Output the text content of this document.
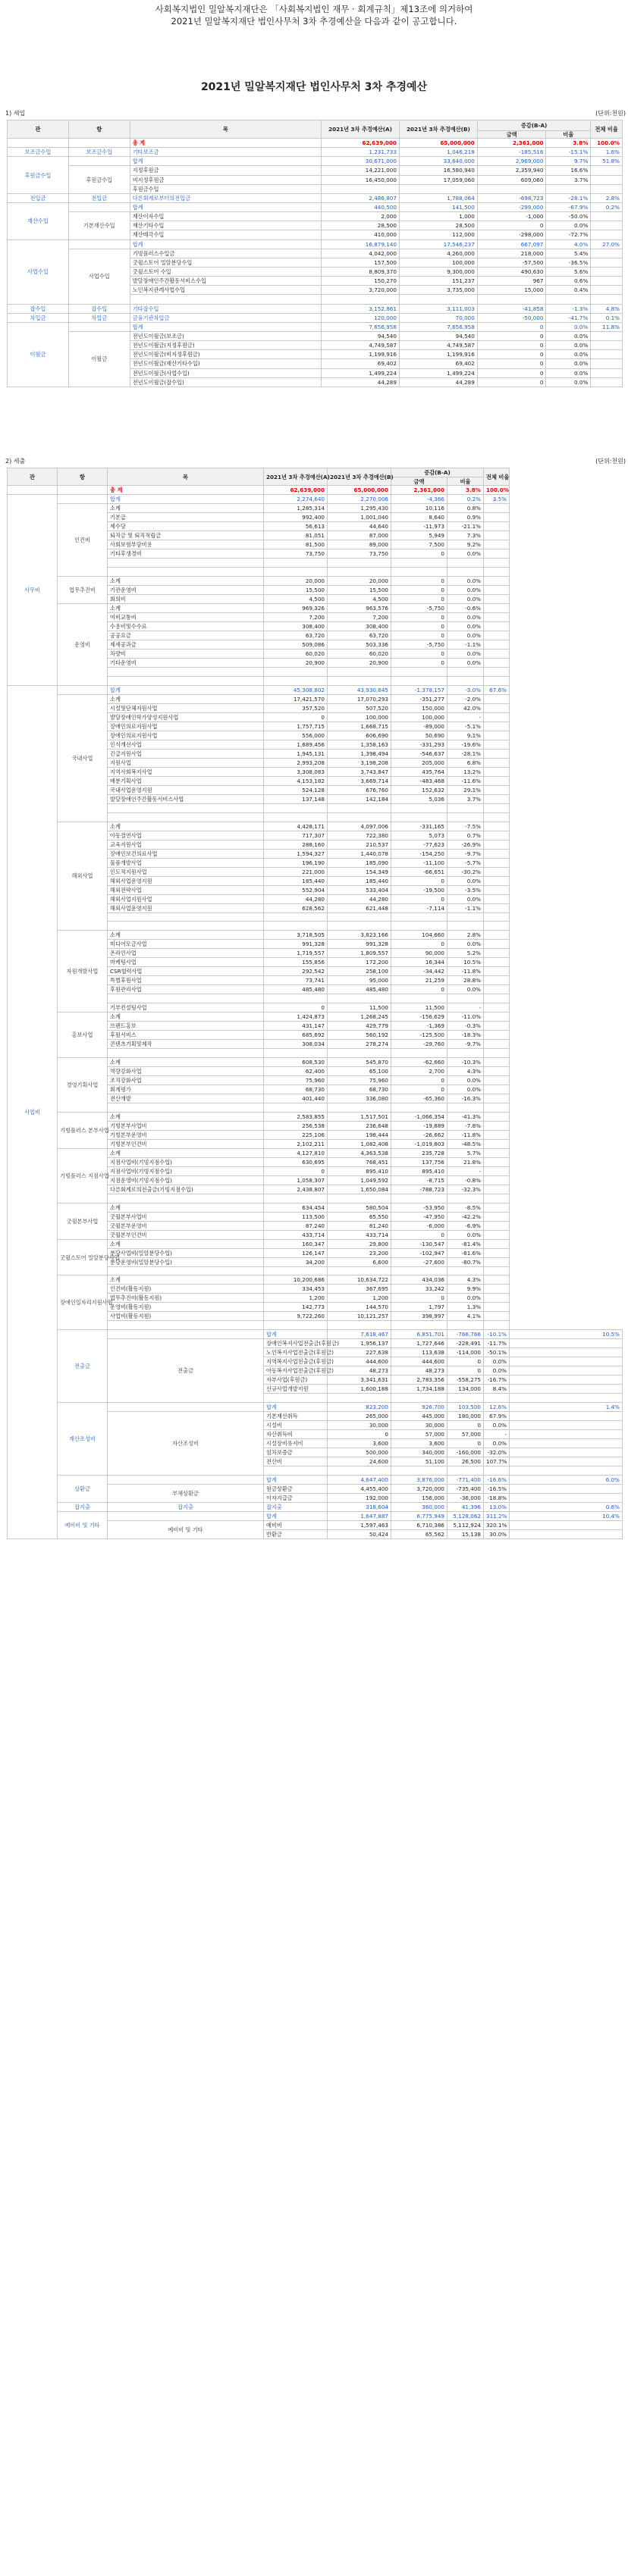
사회복지법인 밀알복지재단은 「사회복지법인 재무 · 회계규칙」제13조에 의거하여
2021년 밀알복지재단 법인사무처 3차 추경예산을 다음과 같이 공고합니다.
2021년 밀알복지재단 법인사무처 3차 추경예산
1) 세입	(단위:천원)
관	항	목	2021년 3차 추경예산(A)	2021년 3차 추경예산(B)	증감(B-A)		전체 비율
					금액	비율	
		총 계	62,639,000	65,000,000	2,361,000	3.8%	100.0%
보조금수입	보조금수입	기타보조금	1,231,733	1,046,218	-185,516	-15.1%	1.6%
후원금수입		합계	30,671,000	33,640,000	2,969,000	9.7%	51.8%
	후원금수입	지정후원금	14,221,000	16,580,940	2,359,940	16.6%	
		비지정후원금	16,450,000	17,059,060	609,060	3.7%	
		후원금수입					
전입금	전입금	다른회계로부터의전입금	2,486,807	1,788,064	-698,723	-28.1%	2.8%
재산수입		합계	440,500	141,500	-299,000	-67.9%	0.2%
	기본재산수입	재산이자수입	2,000	1,000	-1,000	-50.0%	
		재산기타수입	28,500	28,500	0	0.0%	
		재산매각수입	410,000	112,000	-298,000	-72.7%	
사업수입		합계	16,879,140	17,546,237	667,097	4.0%	27.0%
	사업수입	기빙플러스수입금	4,042,000	4,260,000	218,000	5.4%	
		굿윌스토어 밀알분당수입	157,500	100,000	-57,500	-36.5%	
		굿윌스토어 수입	8,809,370	9,300,000	490,630	5.6%	
		발달장애인주간활동서비스수입	150,270	151,237	967	0.6%	
		노인복지관례사업수입	3,720,000	3,735,000	15,000	0.4%	

잡수입	잡수입	기타잡수입	3,152,861	3,111,003	-41,858	-1.3%	4.8%
차입금	차입금	금융기관차입금	120,000	70,000	-50,000	-41.7%	0.1%
이월금		합계	7,656,958	7,656,958	0	0.0%	11.8%
	이월금	전년도이월금(보조금)	94,540	94,540	0	0.0%	
		전년도이월금(지정후원금)	4,749,587	4,749,587	0	0.0%	
		전년도이월금(비지정후원금)	1,199,916	1,199,916	0	0.0%	
		전년도이월금(재산기타수입)	69,402	69,402	0	0.0%	
		전년도이월금(사업수입)	1,499,224	1,499,224	0	0.0%	
		전년도이월금(잡수입)	44,289	44,289	0	0.0%	
2) 세출	(단위:천원)
관	항	목	2021년 3차 추경예산(A)	2021년 3차 추경예산(B)	증감(B-A)		전체 비율	
					금액	비율		
		총 계	62,639,000	65,000,000	2,361,000	3.8%	100.0%	
사무비		합계	2,274,640	2,270,006	-4,366	0.2%	3.5%	
	인건비	소계	1,285,314	1,295,430	10,116	0.8%		
		기본급	992,400	1,001,040	8,640	0.9%		
		제수당	56,613	44,640	-11,973	-21.1%		
		퇴직금 및 퇴직적립금	81,051	87,000	5,949	7.3%		
		사회보험부담비용	81,500	89,000	7,500	9.2%		
		기타후생경비	73,750	73,750	0	0.0%		

	업무추진비	소계	20,000	20,000	0	0.0%		
		기관운영비	15,500	15,500	0	0.0%		
		회의비	4,500	4,500	0	0.0%		
	운영비	소계	969,326	963,576	-5,750	-0.6%		
		여비교통비	7,200	7,200	0	0.0%		
		수용비및수수료	308,400	308,400	0	0.0%		
		공공요금	63,720	63,720	0	0.0%		
		제세공과금	509,086	503,336	-5,750	-1.1%		
		차량비	60,020	60,020	0	0.0%		
		기타운영비	20,900	20,900	0	0.0%		

사업비		합계	45,308,802	43,930,645	-1,378,157	-3.0%	67.6%	
	국내사업	소계	17,421,570	17,070,293	-351,277	-2.0%		
		시설및단체지원사업	357,520	507,520	150,000	42.0%		
		발달장애인학가양성지원사업	0	100,000	100,000	-		
		장애인의료지원사업	1,757,715	1,668,715	-89,000	-5.1%		
		장애인의료지원사업	556,000	606,690	50,690	9.1%		
		인식개선사업	1,689,456	1,358,163	-331,293	-19.6%		
		긴급지원사업	1,945,131	1,398,494	-546,637	-28.1%		
		지원사업	2,993,208	3,198,208	205,000	6.8%		
		지역사회복지사업	3,308,083	3,743,847	435,764	13.2%		
		배분기획사업	4,153,182	3,669,714	-483,468	-11.6%		
		국내사업운영지원	524,128	676,760	152,632	29.1%		
		발달장애인주간활동서비스사업	137,148	142,184	5,036	3.7%		

	해외사업	소계	4,428,171	4,097,006	-331,165	-7.5%		
		아동결연사업	717,307	722,380	5,073	0.7%		
		교육지원사업	288,160	210,537	-77,623	-26.9%		
		장애인보건의료사업	1,594,327	1,440,078	-154,250	-9.7%		
		물품개발사업	196,190	185,090	-11,100	-5.7%		
		인도적지원사업	221,000	154,349	-66,651	-30.2%		
		해외사업운영지원	185,440	185,440	0	0.0%		
		해외전략사업	552,904	533,404	-19,500	-3.5%		
		해외사업지원사업	44,280	44,280	0	0.0%		
		해외사업운영지원	628,562	621,448	-7,114	-1.1%		

	자원개발사업	소계	3,718,505	3,823,166	104,660	2.8%		
		미디어모금사업	991,328	991,328	0	0.0%		
		온라인사업	1,719,557	1,809,557	90,000	5.2%		
		마케팅사업	155,856	172,200	16,344	10.5%		
		CSR협력사업	292,542	258,100	-34,442	-11.8%		
		특별후원사업	73,741	95,000	21,259	28.8%		
		후원관리사업	485,480	485,480	0	0.0%		

		기부컨설팅사업	0	11,500	11,500	-		
	홍보사업	소계	1,424,873	1,268,245	-156,629	-11.0%		
		브랜드홍보	431,147	429,779	-1,369	-0.3%		
		후원서비스	685,692	560,192	-125,500	-18.3%		
		콘텐츠기획및제작	308,034	278,274	-29,760	-9.7%		

	경영기획사업	소계	608,530	545,870	-62,660	-10.3%		
		역량강화사업	62,400	65,100	2,700	4.3%		
		조직강화사업	75,960	75,960	0	0.0%		
		회계평가	68,730	68,730	0	0.0%		
		전산개발	401,440	336,080	-65,360	-16.3%		

	기빙플러스 본부사업	소계	2,583,855	1,517,501	-1,066,354	-41.3%		
		기빙본부사업비	256,538	236,648	-19,889	-7.8%		
		기빙본부운영비	225,106	198,444	-26,662	-11.8%		
		기빙본부인건비	2,102,211	1,082,408	-1,019,803	-48.5%		
	기빙플러스 지점사업	소계	4,127,810	4,363,538	235,728	5.7%		
		지점사업비(기빙지점수입)	630,695	768,451	137,756	21.8%		
		지점사업비(기빙지점수입)	0	895,410	895,410	-		
		지점운영비(기빙지점수입)	1,058,307	1,049,592	-8,715	-0.8%		
		다른회계로의전출금(기빙지점수입)	2,438,807	1,650,084	-788,723	-32.3%		

	굿윌본부사업	소계	634,454	580,504	-53,950	-8.5%		
		굿윌본부사업비	113,500	65,550	-47,950	-42.2%		
		굿윌본부운영비	87,240	81,240	-6,000	-6.9%		
		굿윌본부인건비	433,714	433,714	0	0.0%		
	굿윌스토어 밀알분당사업	소계	160,347	29,800	-130,547	-81.4%		
		분당사업비(밀알분당수입)	126,147	23,200	-102,947	-81.6%		
		분당운영비(밀알분당수입)	34,200	6,600	-27,600	-80.7%		

	장애인일자리지원사업	소계	10,200,686	10,634,722	434,036	4.3%		
		인건비(활동지원)	334,453	367,695	33,242	9.9%		
		업무추진비(활동지원)	1,200	1,200	0	0.0%		
		운영비(활동지원)	142,773	144,570	1,797	1.3%		
		사업비(활동지원)	9,722,260	10,121,257	398,997	4.1%		

	전출금		합계	7,618,467	6,851,701	-766,766	-10.1%	10.5%
		전출금	장애인복지사업전출금(후원금)	1,956,137	1,727,646	-228,491	-11.7%	
			노인복지사업전출금(후원금)	227,638	113,638	-114,000	-50.1%	
			지역복지사업전출금(후원금)	444,600	444,600	0	0.0%	
			아동복지사업전출금(후원금)	48,273	48,273	0	0.0%	
			자부사업(후원금)	3,341,631	2,783,356	-558,275	-16.7%	
			신규사업개발지원	1,600,188	1,734,188	134,000	8.4%	

	재산조성비		합계	823,200	926,700	103,500	12.6%	1.4%
		자산조성비	기본재산취득	265,000	445,000	180,000	67.9%	
			시설비	30,000	30,000	0	0.0%	
			자산취득비	0	57,000	57,000	-	
			시설장비유지비	3,600	3,600	0	0.0%	
			임차보증금	500,000	340,000	-160,000	-32.0%	
			전산비	24,600	51,100	26,500	107.7%	

	상환금		합계	4,647,400	3,876,000	-771,400	-16.6%	6.0%
		부채상환금	원금상환금	4,455,400	3,720,000	-735,400	-16.5%	
			이자지급금	192,000	156,000	-36,000	-18.8%	
	잡지출	잡지출	잡지출	318,604	360,000	41,396	13.0%	0.6%
	예비비 및 기타		합계	1,647,887	6,775,949	5,128,062	311.2%	10.4%
		예비비 및 기타	예비비	1,597,463	6,710,386	5,112,924	320.1%	
			반환금	50,424	65,562	15,138	30.0%	
